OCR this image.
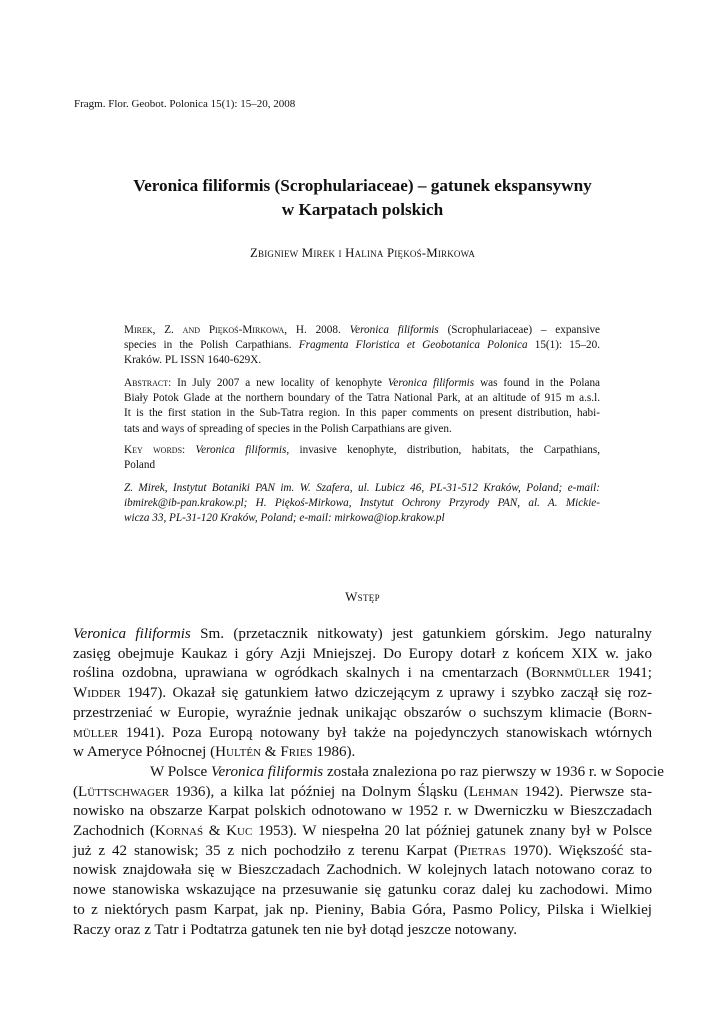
Fragm. Flor. Geobot. Polonica 15(1): 15–20, 2008
Veronica filiformis (Scrophulariaceae) – gatunek ekspansywny
w Karpatach polskich
Zbigniew Mirek i Halina Piękoś-Mirkowa
Mirek, Z. and Piękoś-Mirkowa, H. 2008. Veronica filiformis (Scrophulariaceae) – expansive
species in the Polish Carpathians. Fragmenta Floristica et Geobotanica Polonica 15(1): 15–20.
Kraków. PL ISSN 1640-629X.
Abstract: In July 2007 a new locality of kenophyte Veronica filiformis was found in the Polana
Biały Potok Glade at the northern boundary of the Tatra National Park, at an altitude of 915 m a.s.l.
It is the first station in the Sub-Tatra region. In this paper comments on present distribution, habi-
tats and ways of spreading of species in the Polish Carpathians are given.
Key words: Veronica filiformis, invasive kenophyte, distribution, habitats, the Carpathians,
Poland
Z. Mirek, Instytut Botaniki PAN im. W. Szafera, ul. Lubicz 46, PL-31-512 Kraków, Poland; e-mail:
ibmirek@ib-pan.krakow.pl; H. Piękoś-Mirkowa, Instytut Ochrony Przyrody PAN, al. A. Mickie-
wicza 33, PL-31-120 Kraków, Poland; e-mail: mirkowa@iop.krakow.pl
Wstęp
Veronica filiformis Sm. (przetacznik nitkowaty) jest gatunkiem górskim. Jego naturalny
zasięg obejmuje Kaukaz i góry Azji Mniejszej. Do Europy dotarł z końcem XIX w. jako
roślina ozdobna, uprawiana w ogródkach skalnych i na cmentarzach (Bornmüller 1941;
Widder 1947). Okazał się gatunkiem łatwo dziczejącym z uprawy i szybko zaczął się roz-
przestrzeniać w Europie, wyraźnie jednak unikając obszarów o suchszym klimacie (Born-
müller 1941). Poza Europą notowany był także na pojedynczych stanowiskach wtórnych
w Ameryce Północnej (Hultén & Fries 1986).
W Polsce Veronica filiformis została znaleziona po raz pierwszy w 1936 r. w Sopocie
(Lüttschwager 1936), a kilka lat później na Dolnym Śląsku (Lehman 1942). Pierwsze sta-
nowisko na obszarze Karpat polskich odnotowano w 1952 r. w Dwerniczku w Bieszczadach
Zachodnich (Kornaś & Kuc 1953). W niespełna 20 lat później gatunek znany był w Polsce
już z 42 stanowisk; 35 z nich pochodziło z terenu Karpat (Pietras 1970). Większość sta-
nowisk znajdowała się w Bieszczadach Zachodnich. W kolejnych latach notowano coraz to
nowe stanowiska wskazujące na przesuwanie się gatunku coraz dalej ku zachodowi. Mimo
to z niektórych pasm Karpat, jak np. Pieniny, Babia Góra, Pasmo Policy, Pilska i Wielkiej
Raczy oraz z Tatr i Podtatrza gatunek ten nie był dotąd jeszcze notowany.
